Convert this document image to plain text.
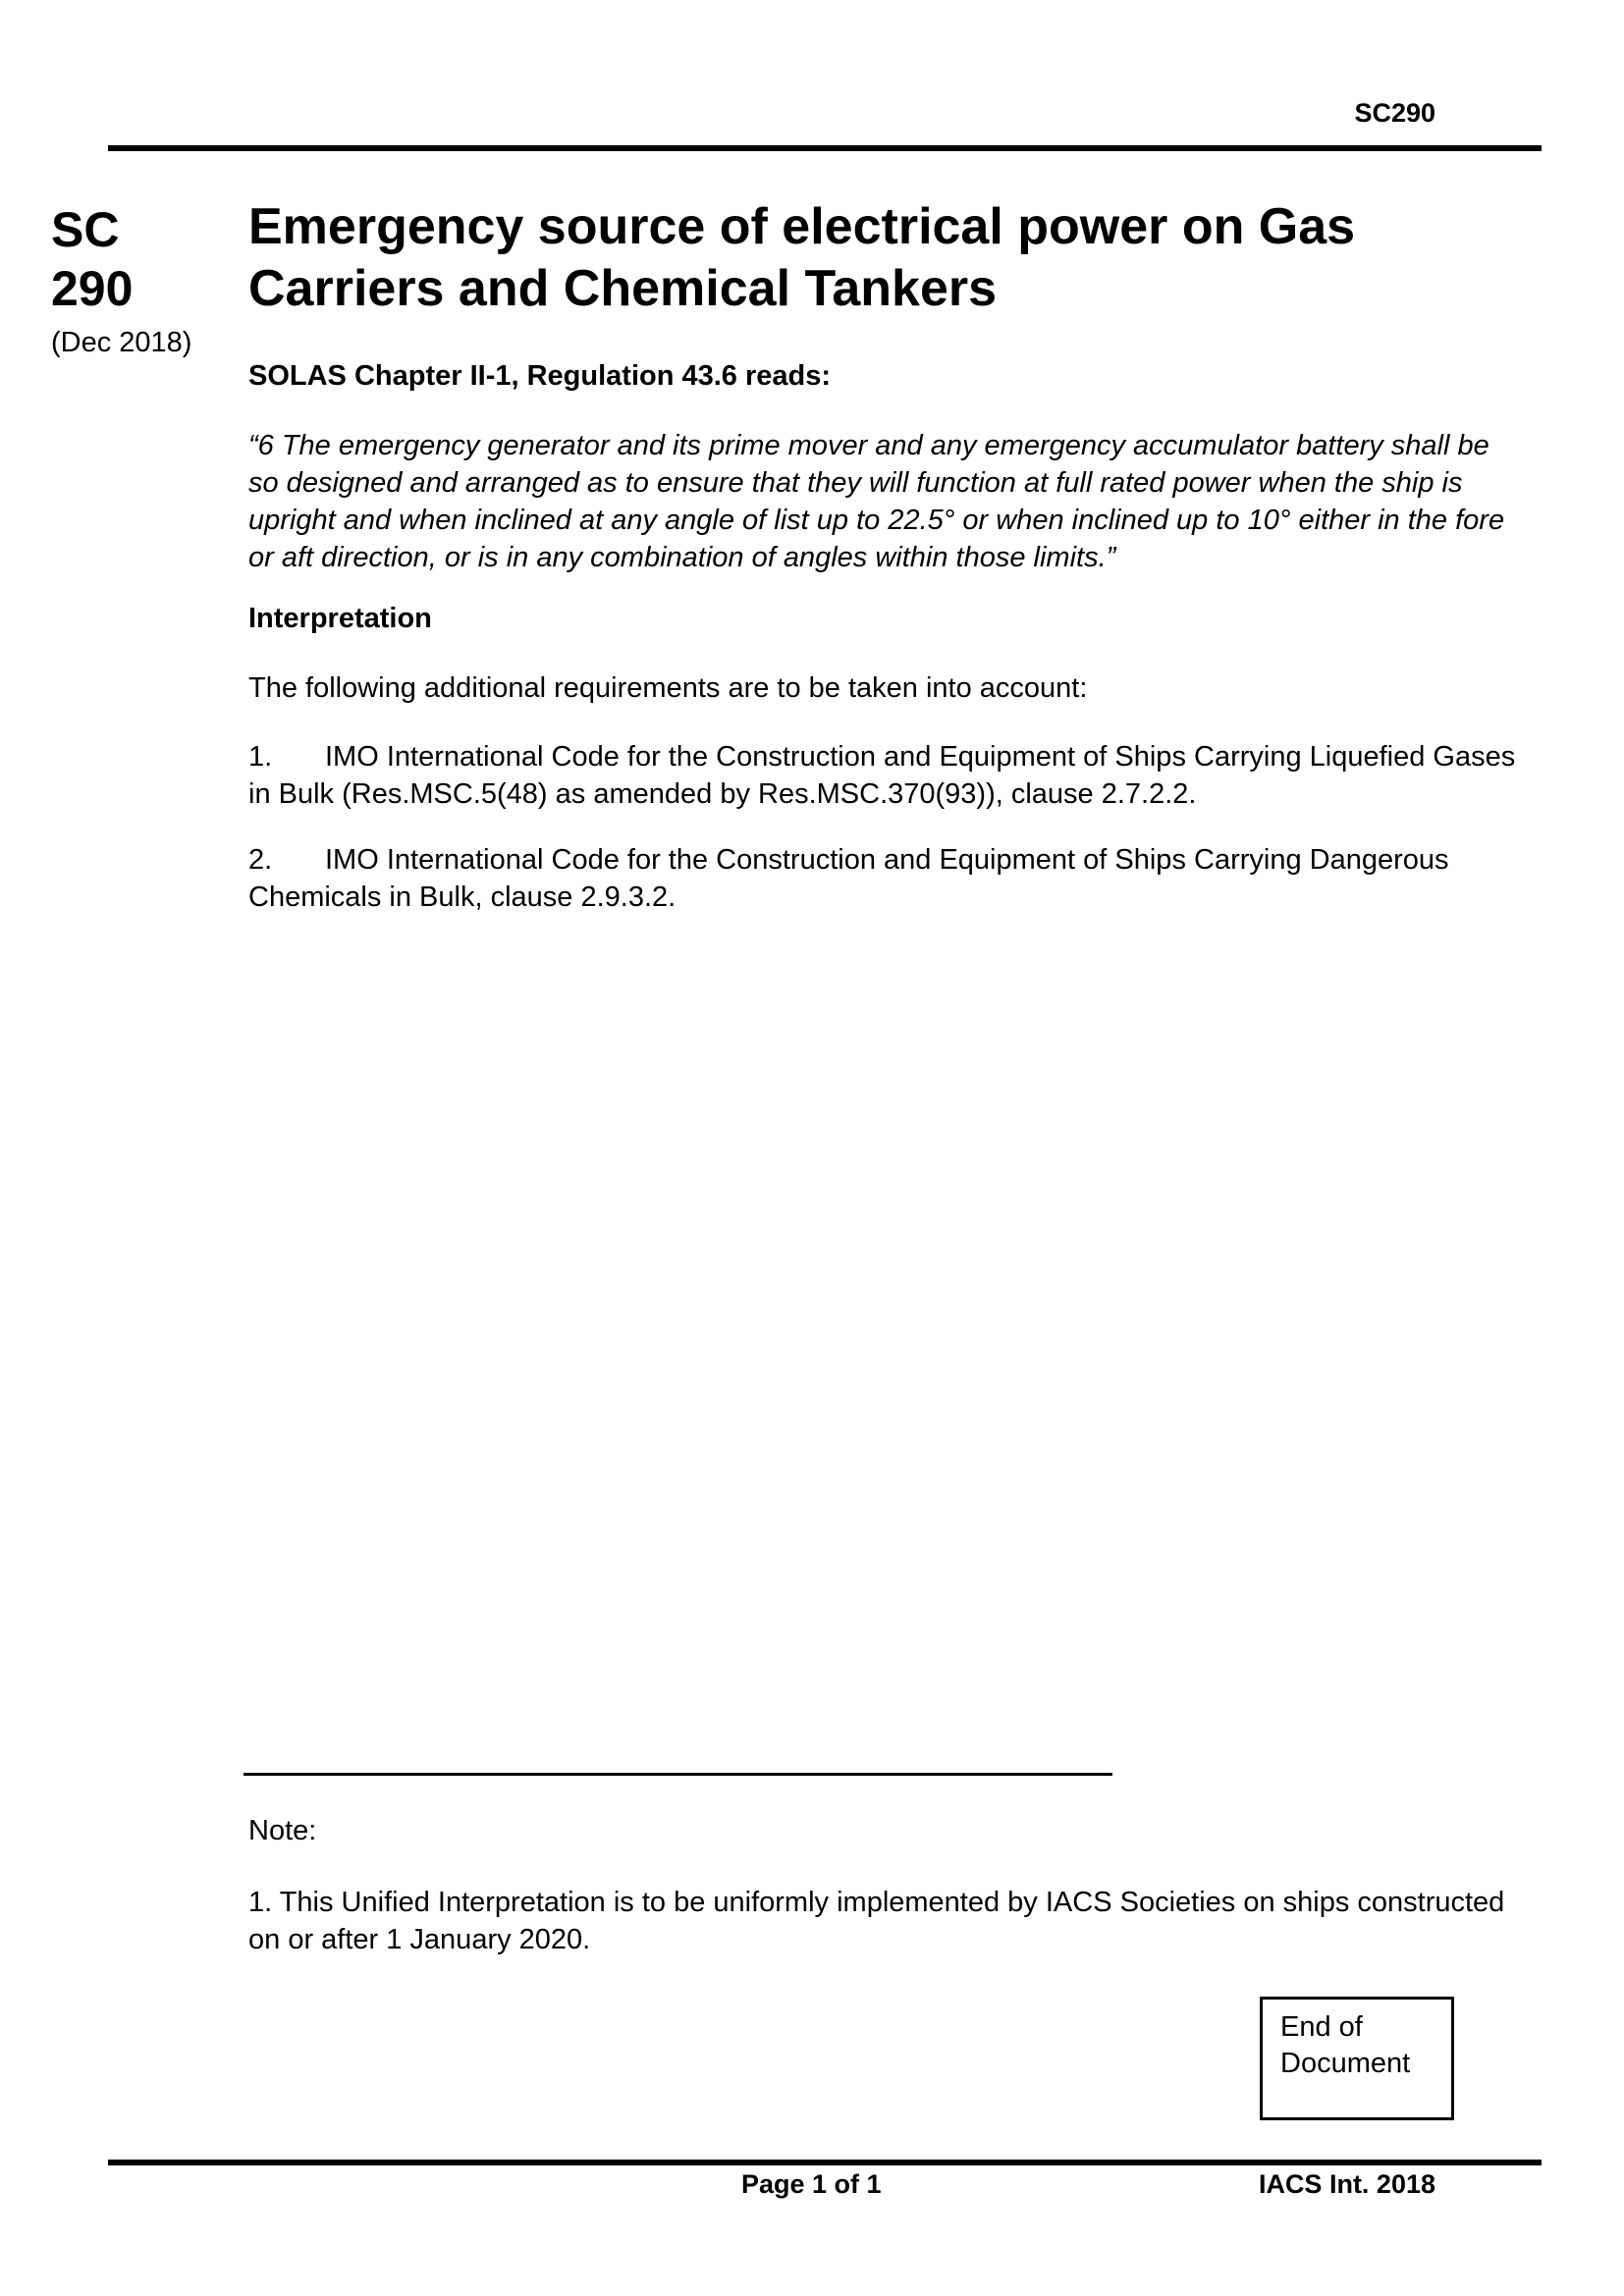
SC290
SC
290
(Dec 2018)
Emergency source of electrical power on Gas Carriers and Chemical Tankers
SOLAS Chapter II-1, Regulation 43.6 reads:
“6 The emergency generator and its prime mover and any emergency accumulator battery shall be so designed and arranged as to ensure that they will function at full rated power when the ship is upright and when inclined at any angle of list up to 22.5° or when inclined up to 10° either in the fore or aft direction, or is in any combination of angles within those limits.”
Interpretation
The following additional requirements are to be taken into account:
1. IMO International Code for the Construction and Equipment of Ships Carrying Liquefied Gases in Bulk (Res.MSC.5(48) as amended by Res.MSC.370(93)), clause 2.7.2.2.
2. IMO International Code for the Construction and Equipment of Ships Carrying Dangerous Chemicals in Bulk, clause 2.9.3.2.
Note:
1. This Unified Interpretation is to be uniformly implemented by IACS Societies on ships constructed on or after 1 January 2020.
End of
Document
Page 1 of 1	IACS Int. 2018
